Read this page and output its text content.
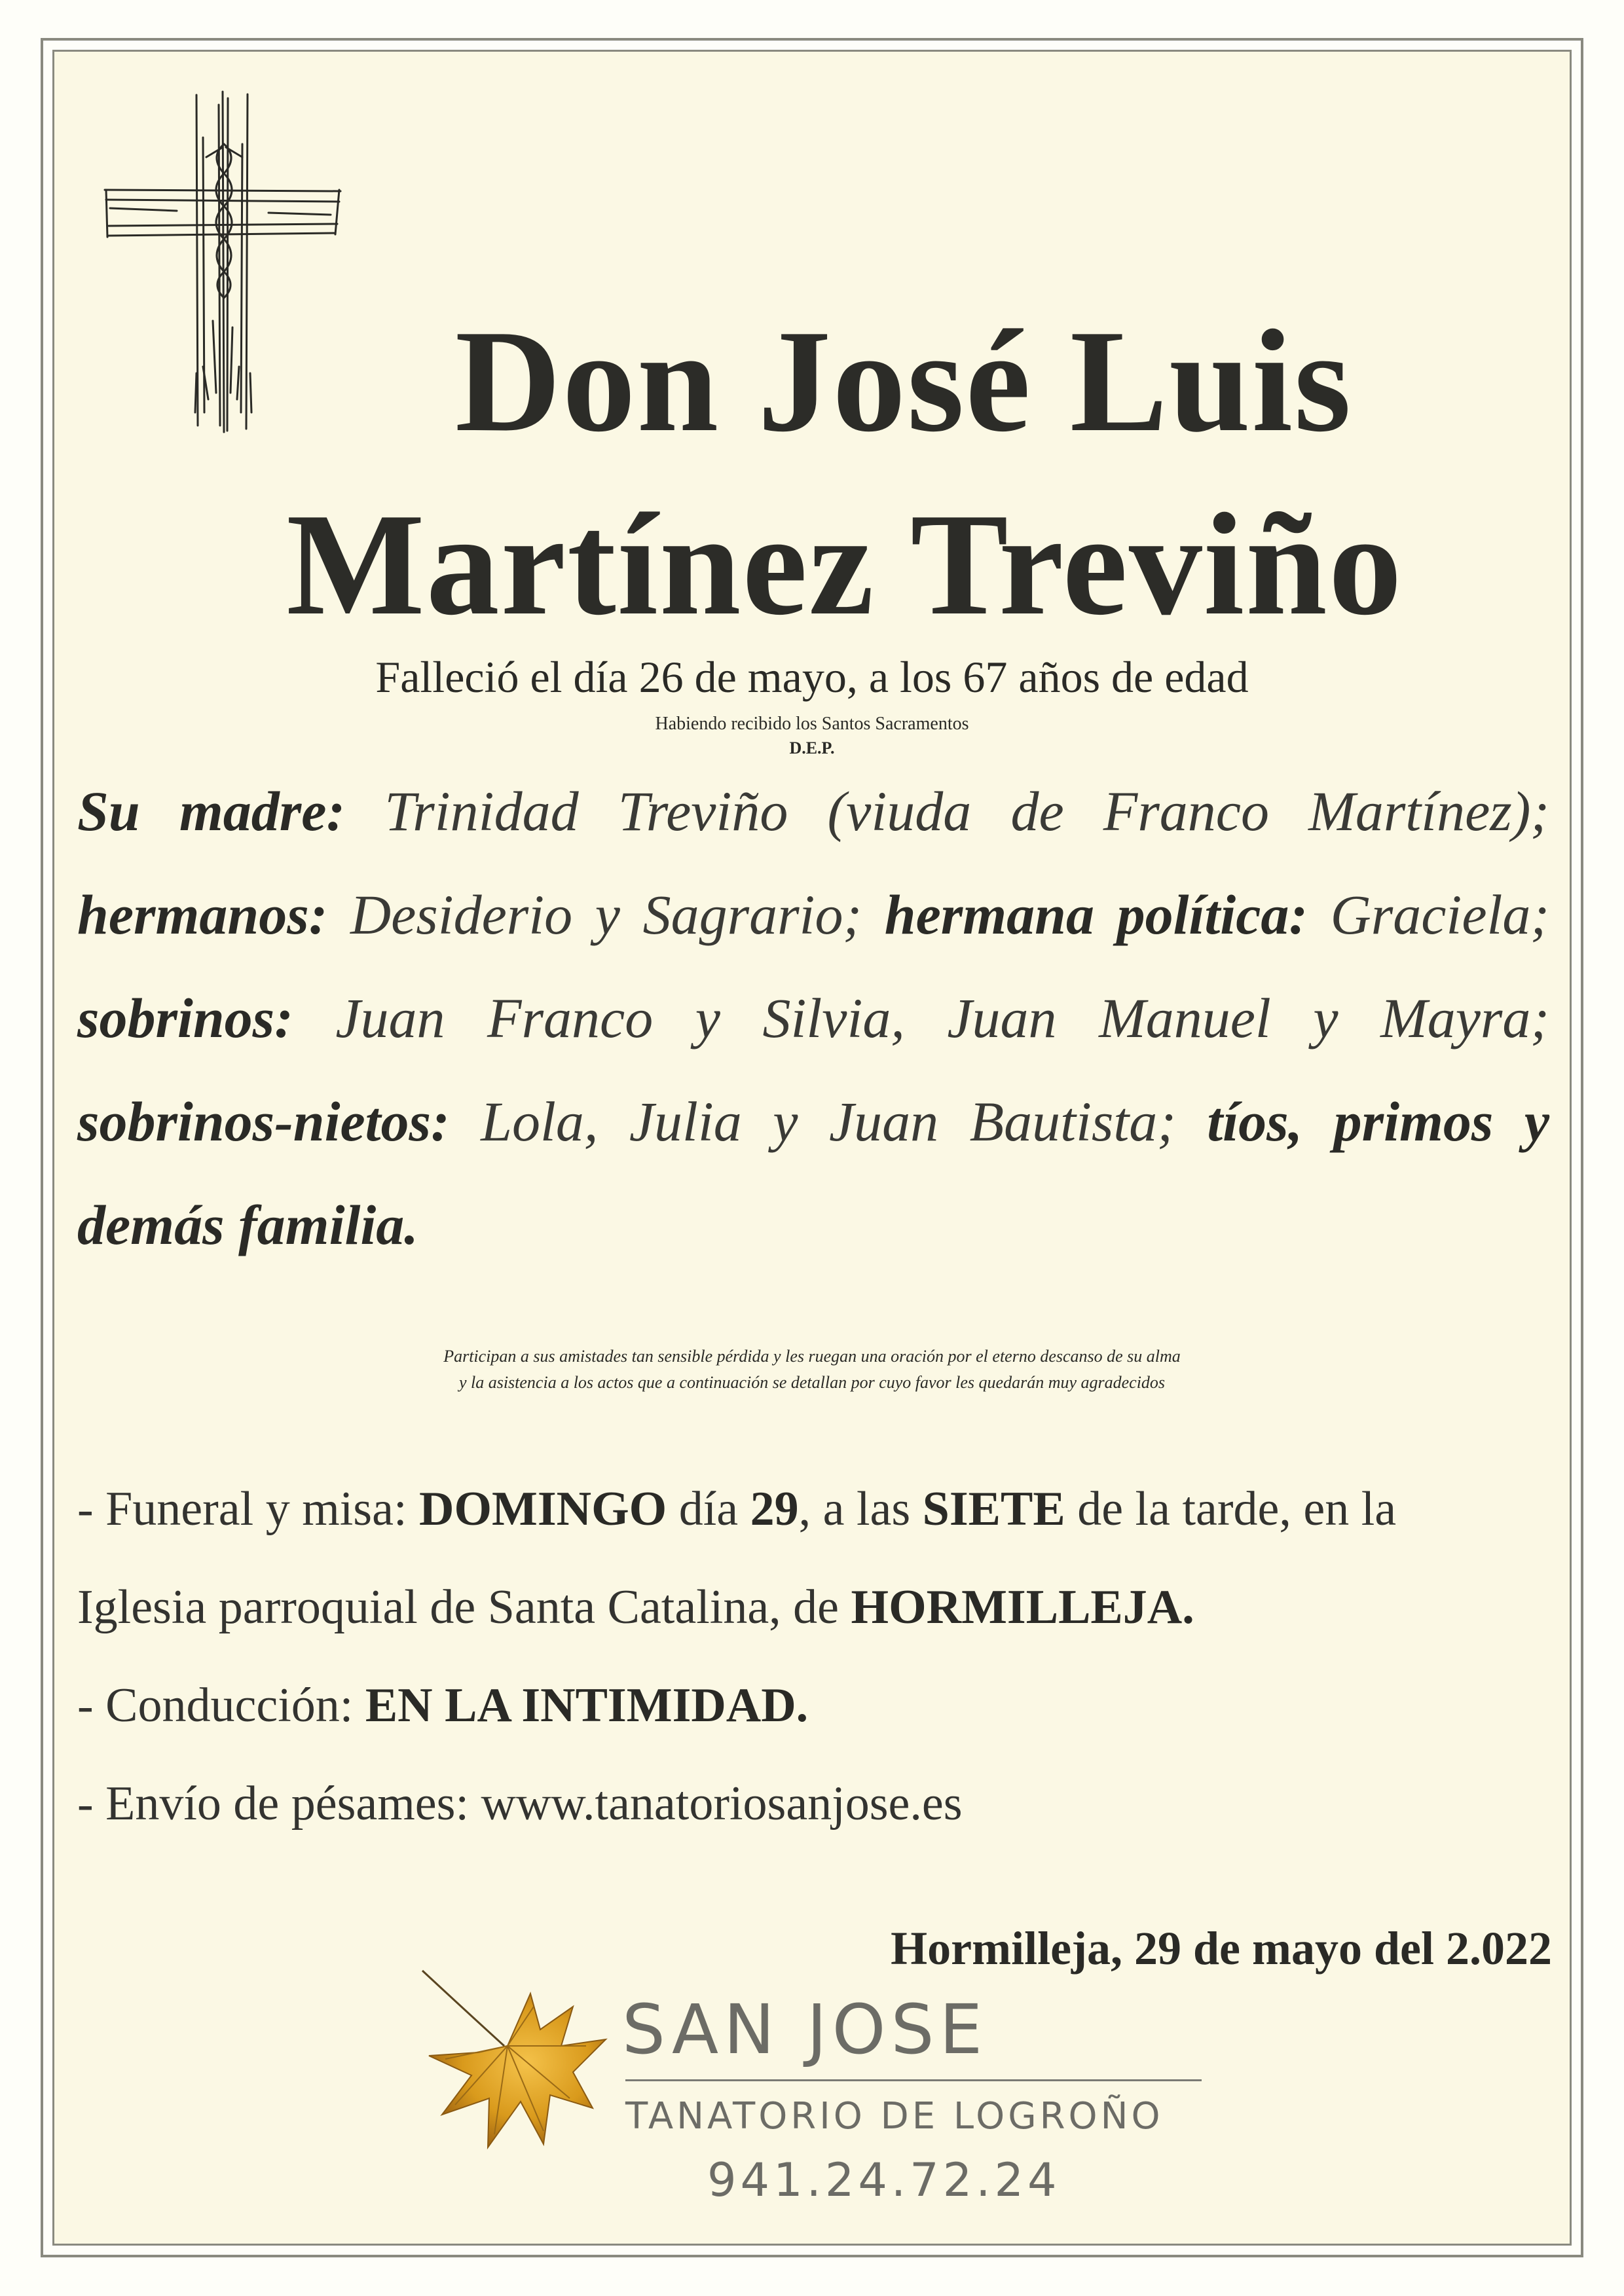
Don José Luis
Martínez Treviño
Falleció el día 26 de mayo, a los 67 años de edad
Habiendo recibido los Santos Sacramentos
D.E.P.
Su madre: Trinidad Treviño (viuda de Franco Martínez); hermanos: Desiderio y Sagrario; hermana política: Graciela; sobrinos: Juan Franco y Silvia, Juan Manuel y Mayra; sobrinos-nietos: Lola, Julia y Juan Bautista; tíos, primos y demás familia.
Participan a sus amistades tan sensible pérdida y les ruegan una oración por el eterno descanso de su alma
y la asistencia a los actos que a continuación se detallan por cuyo favor les quedarán muy agradecidos
- Funeral y misa: DOMINGO día 29, a las SIETE de la tarde, en la
Iglesia parroquial de Santa Catalina, de HORMILLEJA.
- Conducción: EN LA INTIMIDAD.
- Envío de pésames: www.tanatoriosanjose.es
Hormilleja, 29 de mayo del 2.022
SAN JOSE
TANATORIO DE LOGROÑO
941.24.72.24
